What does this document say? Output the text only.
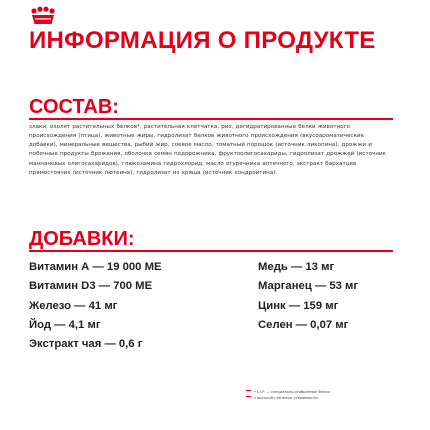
ИНФОРМАЦИЯ О ПРОДУКТЕ
СОСТАВ:
злаки, изолят растительных белков*, растительная клетчатка, рис, дегидратированные белки животного происхождения (птица), животные жиры, гидролизат белков животного происхождения (вкусоароматические добавки), минеральные вещества, рыбий жир, соевое масло, томатный порошок (источник ликопина), дрожжи и побочные продукты брожения, оболочка семян подорожника, фруктоолигосахариды, гидролизат дрожжей (источник маннановых олигосахаридов), глюкозамина гидрохлорид, масло огуречника аптечного, экстракт бархатцев прямостоячих (источник лютеина), гидролизат из хряща (источник хондроитина).
ДОБАВКИ:
Витамин А — 19 000 МЕ
Витамин D3 — 700 МЕ
Железо — 41 мг
Йод — 4,1 мг
Экстракт чая — 0,6 г
Медь — 13 мг
Марганец — 53 мг
Цинк — 159 мг
Селен — 0,07 мг
* L.I.P. — специально отобранные белки
с высокой степенью усвояемости.
